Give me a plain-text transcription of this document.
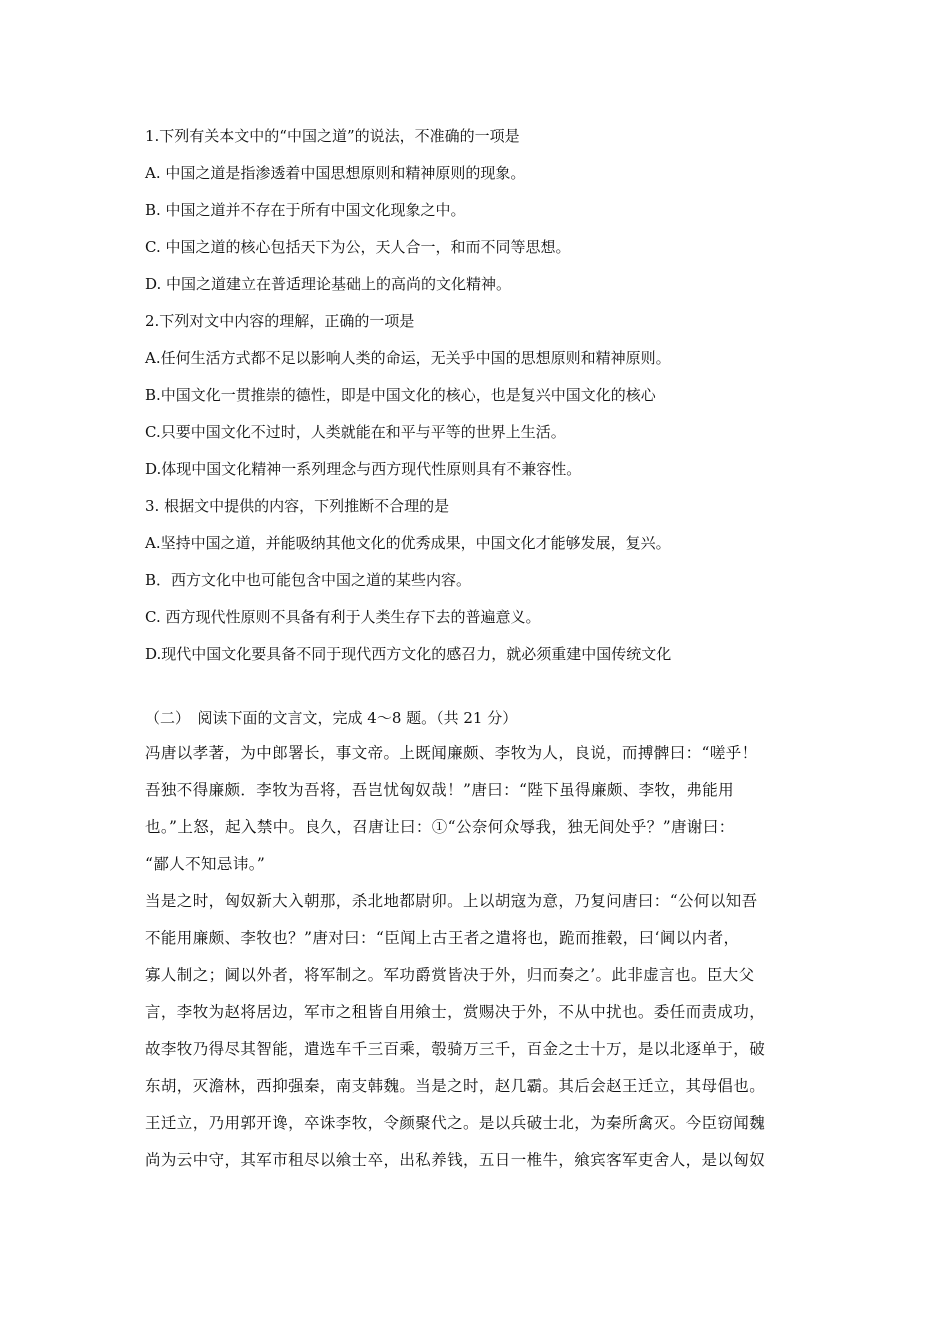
1.下列有关本文中的“中国之道”的说法，不准确的一项是
A. 中国之道是指渗透着中国思想原则和精神原则的现象。
B. 中国之道并不存在于所有中国文化现象之中。
C. 中国之道的核心包括天下为公，天人合一，和而不同等思想。
D. 中国之道建立在普适理论基础上的高尚的文化精神。
2.下列对文中内容的理解，正确的一项是
A.任何生活方式都不足以影响人类的命运，无关乎中国的思想原则和精神原则。
B.中国文化一贯推崇的德性，即是中国文化的核心，也是复兴中国文化的核心
C.只要中国文化不过时，人类就能在和平与平等的世界上生活。
D.体现中国文化精神一系列理念与西方现代性原则具有不兼容性。
3. 根据文中提供的内容，下列推断不合理的是
A.坚持中国之道，并能吸纳其他文化的优秀成果，中国文化才能够发展，复兴。
B．西方文化中也可能包含中国之道的某些内容。
C. 西方现代性原则不具备有利于人类生存下去的普遍意义。
D.现代中国文化要具备不同于现代西方文化的感召力，就必须重建中国传统文化
（二）　阅读下面的文言文，完成 4～8 题。（共 21 分）
冯唐以孝著，为中郎署长，事文帝。上既闻廉颇、李牧为人，良说，而搏髀曰：“嗟乎！
吾独不得廉颇．李牧为吾将，吾岂忧匈奴哉！”唐曰：“陛下虽得廉颇、李牧，弗能用
也。”上怒，起入禁中。良久，召唐让曰：①“公奈何众辱我，独无间处乎？”唐谢曰：
“鄙人不知忌讳。”
当是之时，匈奴新大入朝那，杀北地都尉卯。上以胡寇为意，乃复问唐曰：“公何以知吾
不能用廉颇、李牧也？”唐对曰：“臣闻上古王者之遣将也，跪而推毂，曰‘阃以内者，
寡人制之；阃以外者，将军制之。军功爵赏皆决于外，归而奏之’。此非虚言也。臣大父
言，李牧为赵将居边，军市之租皆自用飨士，赏赐决于外，不从中扰也。委任而责成功，
故李牧乃得尽其智能，遣选车千三百乘，彀骑万三千，百金之士十万，是以北逐单于，破
东胡，灭澹林，西抑强秦，南支韩魏。当是之时，赵几霸。其后会赵王迁立，其母倡也。
王迁立，乃用郭开谗，卒诛李牧，令颜聚代之。是以兵破士北，为秦所禽灭。今臣窃闻魏
尚为云中守，其军市租尽以飨士卒，出私养钱，五日一椎牛，飨宾客军吏舍人，是以匈奴
